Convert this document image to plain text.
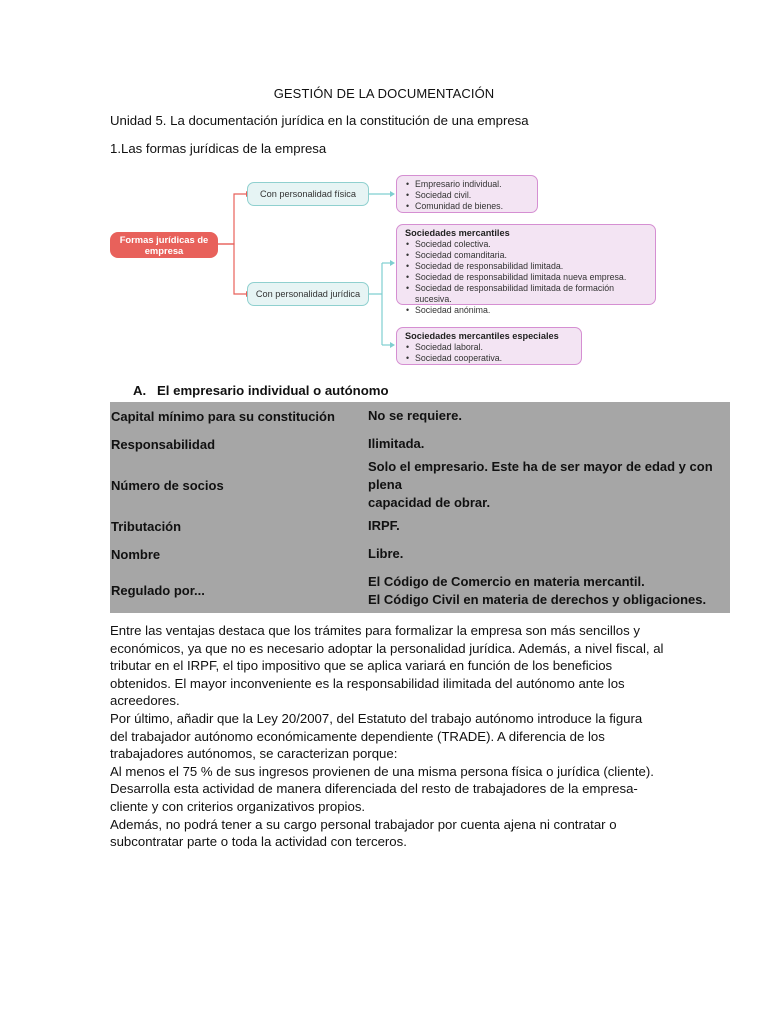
GESTIÓN DE LA DOCUMENTACIÓN
Unidad 5. La documentación jurídica en la constitución de una empresa
1.Las formas jurídicas de la empresa
Formas jurídicas de empresa
Con personalidad física
Con personalidad jurídica
• Empresario individual.
• Sociedad civil.
• Comunidad de bienes.
Sociedades mercantiles
• Sociedad colectiva.
• Sociedad comanditaria.
• Sociedad de responsabilidad limitada.
• Sociedad de responsabilidad limitada nueva empresa.
• Sociedad de responsabilidad limitada de formación sucesiva.
• Sociedad anónima.
Sociedades mercantiles especiales
• Sociedad laboral.
• Sociedad cooperativa.
A. El empresario individual o autónomo
Capital mínimo para su constitución	No se requiere.
Responsabilidad	Ilimitada.
Número de socios	Solo el empresario. Este ha de ser mayor de edad y con plena
capacidad de obrar.
Tributación	IRPF.
Nombre	Libre.
Regulado por...	El Código de Comercio en materia mercantil.
El Código Civil en materia de derechos y obligaciones.

Entre las ventajas destaca que los trámites para formalizar la empresa son más sencillos y

económicos, ya que no es necesario adoptar la personalidad jurídica. Además, a nivel fiscal, al

tributar en el IRPF, el tipo impositivo que se aplica variará en función de los beneficios

obtenidos. El mayor inconveniente es la responsabilidad ilimitada del autónomo ante los

acreedores.

Por último, añadir que la Ley 20/2007, del Estatuto del trabajo autónomo introduce la figura

del trabajador autónomo económicamente dependiente (TRADE). A diferencia de los

trabajadores autónomos, se caracterizan porque:

Al menos el 75 % de sus ingresos provienen de una misma persona física o jurídica (cliente).

Desarrolla esta actividad de manera diferenciada del resto de trabajadores de la empresa-

cliente y con criterios organizativos propios.

Además, no podrá tener a su cargo personal trabajador por cuenta ajena ni contratar o

subcontratar parte o toda la actividad con terceros.
